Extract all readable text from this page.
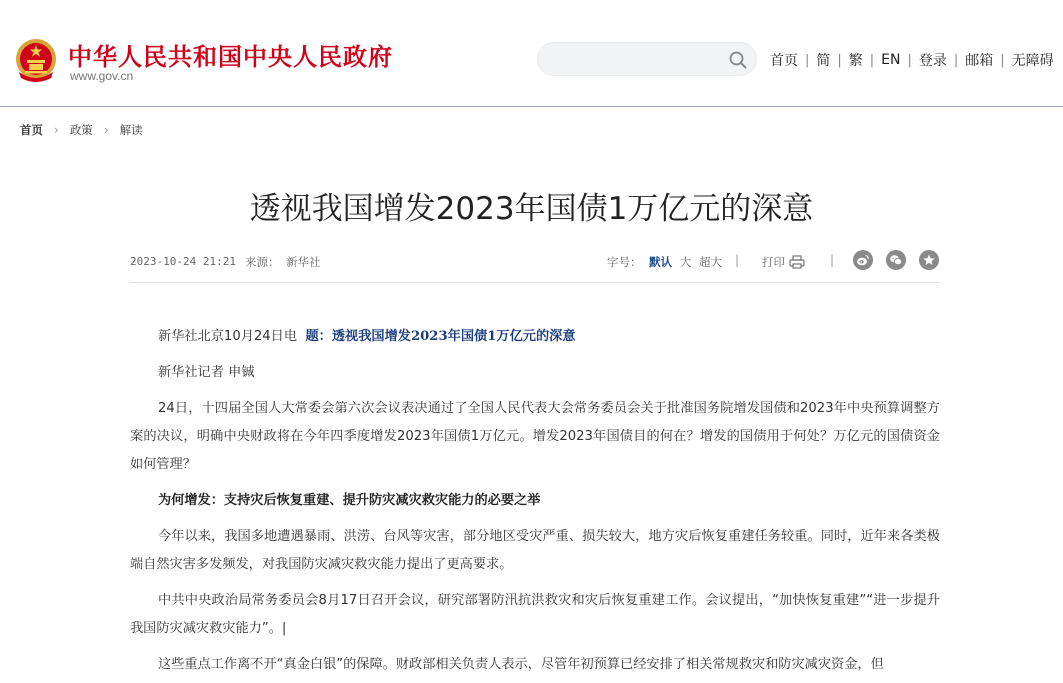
中华人民共和国中央人民政府
www.gov.cn
首页 | 简 | 繁 | EN | 登录 | 邮箱 | 无障碍
首页 › 政策 › 解读
透视我国增发2023年国债1万亿元的深意
2023-10-24 21:21 来源： 新华社	字号： 默认 大 超大	| 打印	|

新华社北京10月24日电 题：透视我国增发2023年国债1万亿元的深意

新华社记者 申铖

24日，十四届全国人大常委会第六次会议表决通过了全国人民代表大会常务委员会关于批准国务院增发国债和2023年中央预算调整方案的决议，明确中央财政将在今年四季度增发2023年国债1万亿元。增发2023年国债目的何在？增发的国债用于何处？万亿元的国债资金如何管理？

为何增发：支持灾后恢复重建、提升防灾减灾救灾能力的必要之举

今年以来，我国多地遭遇暴雨、洪涝、台风等灾害，部分地区受灾严重、损失较大，地方灾后恢复重建任务较重。同时，近年来各类极端自然灾害多发频发，对我国防灾减灾救灾能力提出了更高要求。

中共中央政治局常务委员会8月17日召开会议，研究部署防汛抗洪救灾和灾后恢复重建工作。会议提出，“加快恢复重建”“进一步提升我国防灾减灾救灾能力”。|

这些重点工作离不开“真金白银”的保障。财政部相关负责人表示，尽管年初预算已经安排了相关常规救灾和防灾减灾资金，但
